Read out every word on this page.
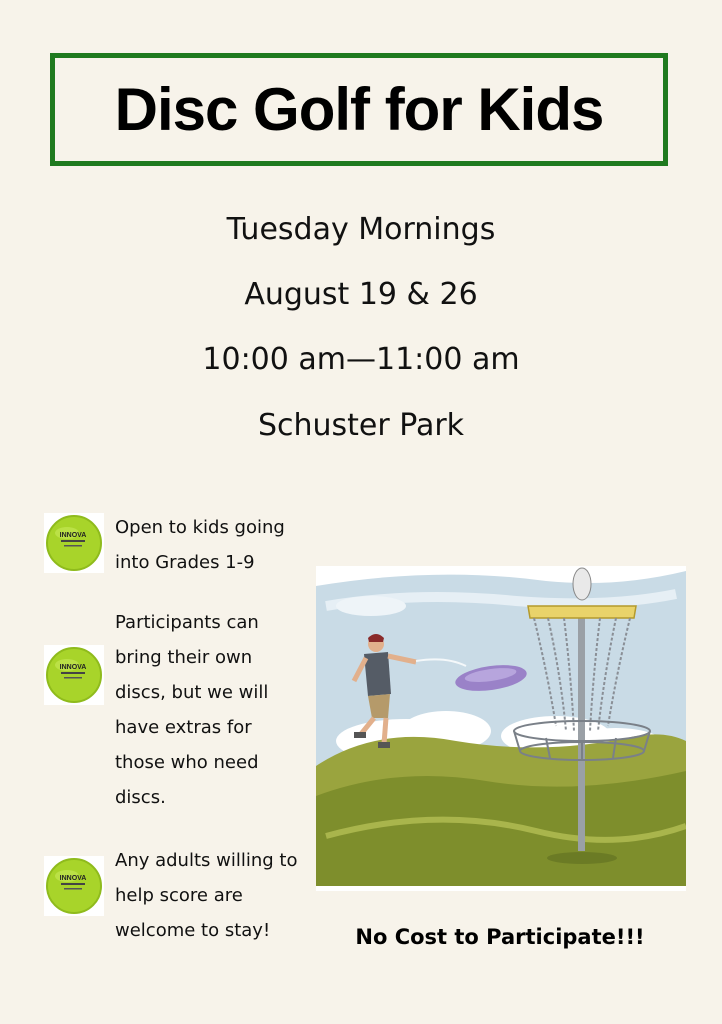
Disc Golf for Kids
Tuesday Mornings
August 19 & 26
10:00 am—11:00 am
Schuster Park
INNOVA Open to kids going into Grades 1-9
INNOVA
Participants can bring their own discs, but we will have extras for those who need discs.
INNOVA
Any adults willing to help score are welcome to stay!	No Cost to Participate!!!
